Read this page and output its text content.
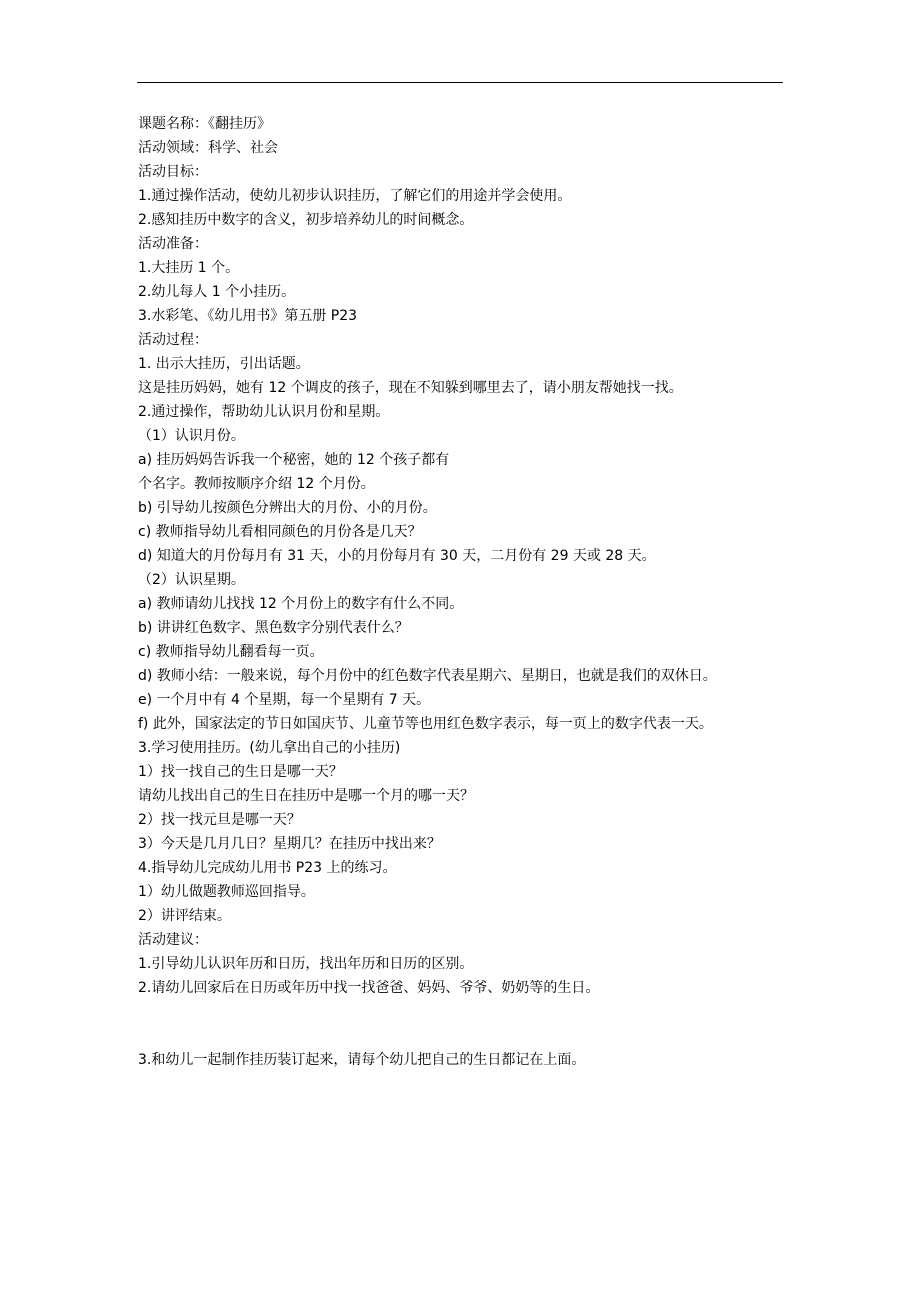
课题名称：《翻挂历》

活动领域：科学、社会

活动目标：

1.通过操作活动，使幼儿初步认识挂历，了解它们的用途并学会使用。

2.感知挂历中数字的含义，初步培养幼儿的时间概念。

活动准备：

1.大挂历 1 个。

2.幼儿每人 1 个小挂历。

3.水彩笔、《幼儿用书》第五册 P23

活动过程：

1. 出示大挂历，引出话题。

这是挂历妈妈，她有 12 个调皮的孩子，现在不知躲到哪里去了，请小朋友帮她找一找。

2.通过操作，帮助幼儿认识月份和星期。

（1）认识月份。

a) 挂历妈妈告诉我一个秘密，她的 12 个孩子都有

个名字。教师按顺序介绍 12 个月份。

b) 引导幼儿按颜色分辨出大的月份、小的月份。

c) 教师指导幼儿看相同颜色的月份各是几天？

d) 知道大的月份每月有 31 天，小的月份每月有 30 天，二月份有 29 天或 28 天。

（2）认识星期。

a) 教师请幼儿找找 12 个月份上的数字有什么不同。

b) 讲讲红色数字、黑色数字分别代表什么？

c) 教师指导幼儿翻看每一页。

d) 教师小结：一般来说，每个月份中的红色数字代表星期六、星期日，也就是我们的双休日。

e) 一个月中有 4 个星期，每一个星期有 7 天。

f) 此外，国家法定的节日如国庆节、儿童节等也用红色数字表示，每一页上的数字代表一天。

3.学习使用挂历。(幼儿拿出自己的小挂历)

1）找一找自己的生日是哪一天？

请幼儿找出自己的生日在挂历中是哪一个月的哪一天？

2）找一找元旦是哪一天？

3）今天是几月几日？星期几？在挂历中找出来？

4.指导幼儿完成幼儿用书 P23 上的练习。

1）幼儿做题教师巡回指导。

2）讲评结束。

活动建议：

1.引导幼儿认识年历和日历，找出年历和日历的区别。

2.请幼儿回家后在日历或年历中找一找爸爸、妈妈、爷爷、奶奶等的生日。

3.和幼儿一起制作挂历装订起来，请每个幼儿把自己的生日都记在上面。
